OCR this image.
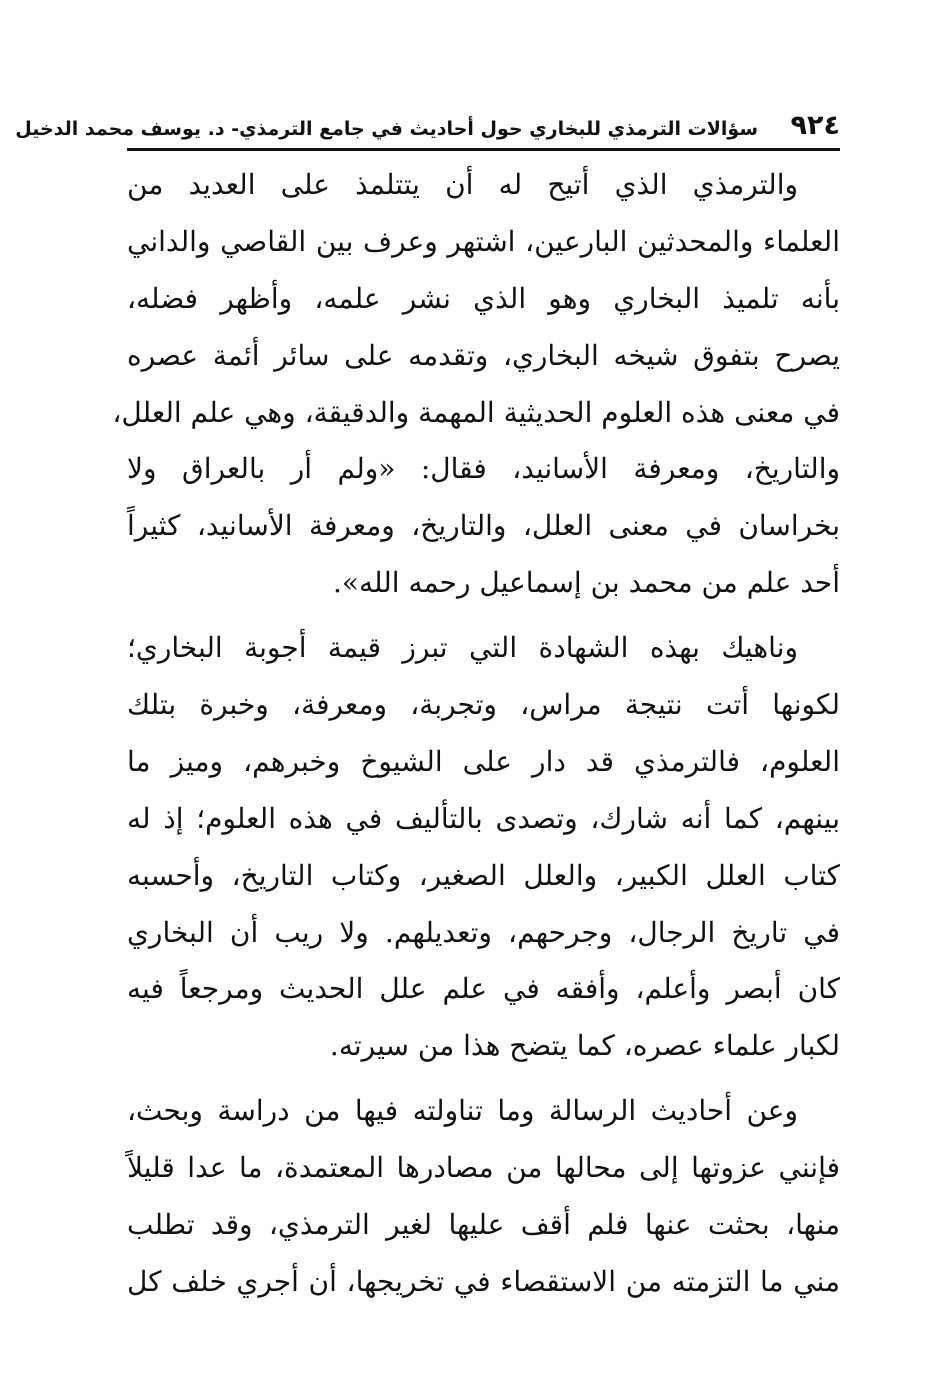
٩٢٤
سؤالات الترمذي للبخاري حول أحاديث في جامع الترمذي- د. يوسف محمد الدخيل
والترمذي الذي أتيح له أن يتتلمذ على العديد من
العلماء والمحدثين البارعين، اشتهر وعرف بين القاصي والداني
بأنه تلميذ البخاري وهو الذي نشر علمه، وأظهر فضله،
يصرح بتفوق شيخه البخاري، وتقدمه على سائر أئمة عصره
في معنى هذه العلوم الحديثية المهمة والدقيقة، وهي علم العلل،
والتاريخ، ومعرفة الأسانيد، فقال: «ولم أر بالعراق ولا
بخراسان في معنى العلل، والتاريخ، ومعرفة الأسانيد، كثيراً
أحد علم من محمد بن إسماعيل رحمه الله».
وناهيك بهذه الشهادة التي تبرز قيمة أجوبة البخاري؛
لكونها أتت نتيجة مراس، وتجربة، ومعرفة، وخبرة بتلك
العلوم، فالترمذي قد دار على الشيوخ وخبرهم، وميز ما
بينهم، كما أنه شارك، وتصدى بالتأليف في هذه العلوم؛ إذ له
كتاب العلل الكبير، والعلل الصغير، وكتاب التاريخ، وأحسبه
في تاريخ الرجال، وجرحهم، وتعديلهم. ولا ريب أن البخاري
كان أبصر وأعلم، وأفقه في علم علل الحديث ومرجعاً فيه
لكبار علماء عصره، كما يتضح هذا من سيرته.
وعن أحاديث الرسالة وما تناولته فيها من دراسة وبحث،
فإنني عزوتها إلى محالها من مصادرها المعتمدة، ما عدا قليلاً
منها، بحثت عنها فلم أقف عليها لغير الترمذي، وقد تطلب
مني ما التزمته من الاستقصاء في تخريجها، أن أجري خلف كل
